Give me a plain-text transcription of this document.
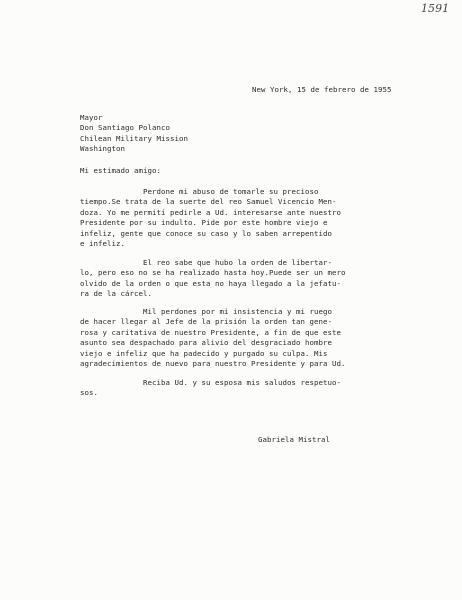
1591
New York, 15 de febrero de 1955
Mayor
Don Santiago Polanco
Chilean Military Mission
Washington
Mi estimado amigo:
Perdone mi abuso de tomarle su precioso
tiempo.Se trata de la suerte del reo Samuel Vicencio Men-
doza. Yo me permití pedirle a Ud. interesarse ante nuestro
Presidente por su indulto. Pide por este hombre viejo e
infeliz, gente que conoce su caso y lo saben arrepentido
e infeliz.
El reo sabe que hubo la orden de libertar-
lo, pero eso no se ha realizado hasta hoy.Puede ser un mero
olvido de la orden o que esta no haya llegado a la jefatu-
ra de la cárcel.
Mil perdones por mi insistencia y mi ruego
de hacer llegar al Jefe de la prisión la orden tan gene-
rosa y caritativa de nuestro Presidente, a fin de que este
asunto sea despachado para alivio del desgraciado hombre
viejo e infeliz que ha padecido y purgado su culpa. Mis
agradecimientos de nuevo para nuestro Presidente y para Ud.
Reciba Ud. y su esposa mis saludos respetuo-
sos.
Gabriela Mistral
